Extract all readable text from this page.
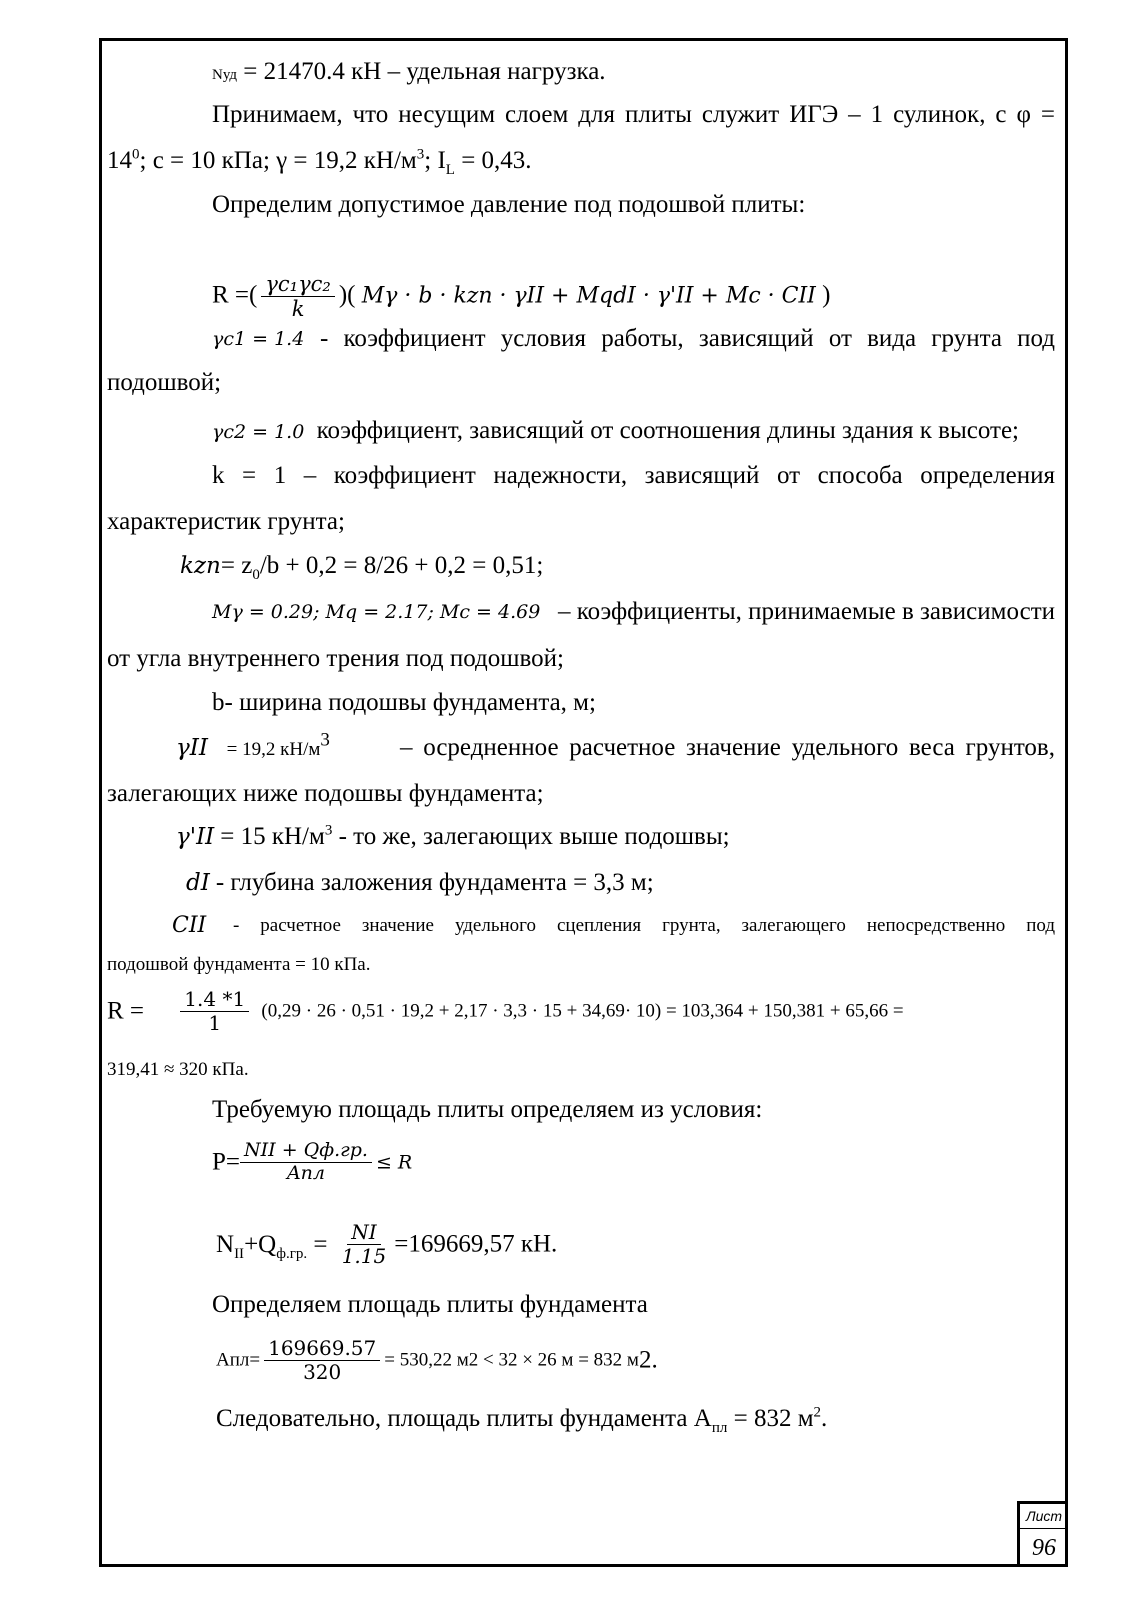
Nуд = 21470.4 кН – удельная нагрузка.
Принимаем, что несущим слоем для плиты служит ИГЭ – 1 сулинок, с φ =
$14^0$; с = 10 кПа; γ = 19,2 $кН/м^3$; $I_L = 0,43$.
Определим допустимое давление под подошвой плиты:
R =( $\frac{\text{γc₁γc₂}}{k}$ )( Mγ · b · kzn · γII + MqdI · γ'II + Mc · CII )
γc1 = 1.4 - коэффициент условия работы, зависящий от вида грунта под
подошвой;
γc2 = 1.0 коэффициент, зависящий от соотношения длины здания к высоте;
k = 1 – коэффициент надежности, зависящий от способа определения
характеристик грунта;
$kzn= z_0/b + 0,2 = 8/26 + 0,2 = 0,51$;
Mγ = 0.29; Mq = 2.17; Mc = 4.69 – коэффициенты, принимаемые в зависимости
от угла внутреннего трения под подошвой;
b- ширина подошвы фундамента, м;
γII = 19,2 $кН/м^3$	– осредненное расчетное значение удельного веса грунтов,
залегающих ниже подошвы фундамента;
γ'II = 15 $кН/м^3$ - то же, залегающих выше подошвы;
dI - глубина заложения фундамента = 3,3 м;
CII - расчетное значение удельного сцепления грунта, залегающего непосредственно под
подошвой фундамента = 10 кПа.
$R = \frac{1.4 *1}{1} (0,29 \cdot 26 \cdot 0,51 \cdot 19,2 + 2,17 \cdot 3,3 \cdot 15 + 34,69\cdot 10) = 103,364 + 150,381 + 65,66$ =
319,41 ≈ 320 кПа.
Требуемую площадь плиты определяем из условия:
$P= \frac{\text{NII + Qф.гр.}}{\text{Aпл}} \le R$
$N_{II}+Q_{ф.гр.} = \frac{NI}{1.15} =169669,57$ кН.
Определяем площадь плиты фундамента
$Aпл= \frac{169669.57}{320} = 530,22$ м2 < 32 × 26 м = 832 м2.
Следовательно, площадь плиты фундамента $А_{пл} = 832$ $м^2$.
Лист
96
